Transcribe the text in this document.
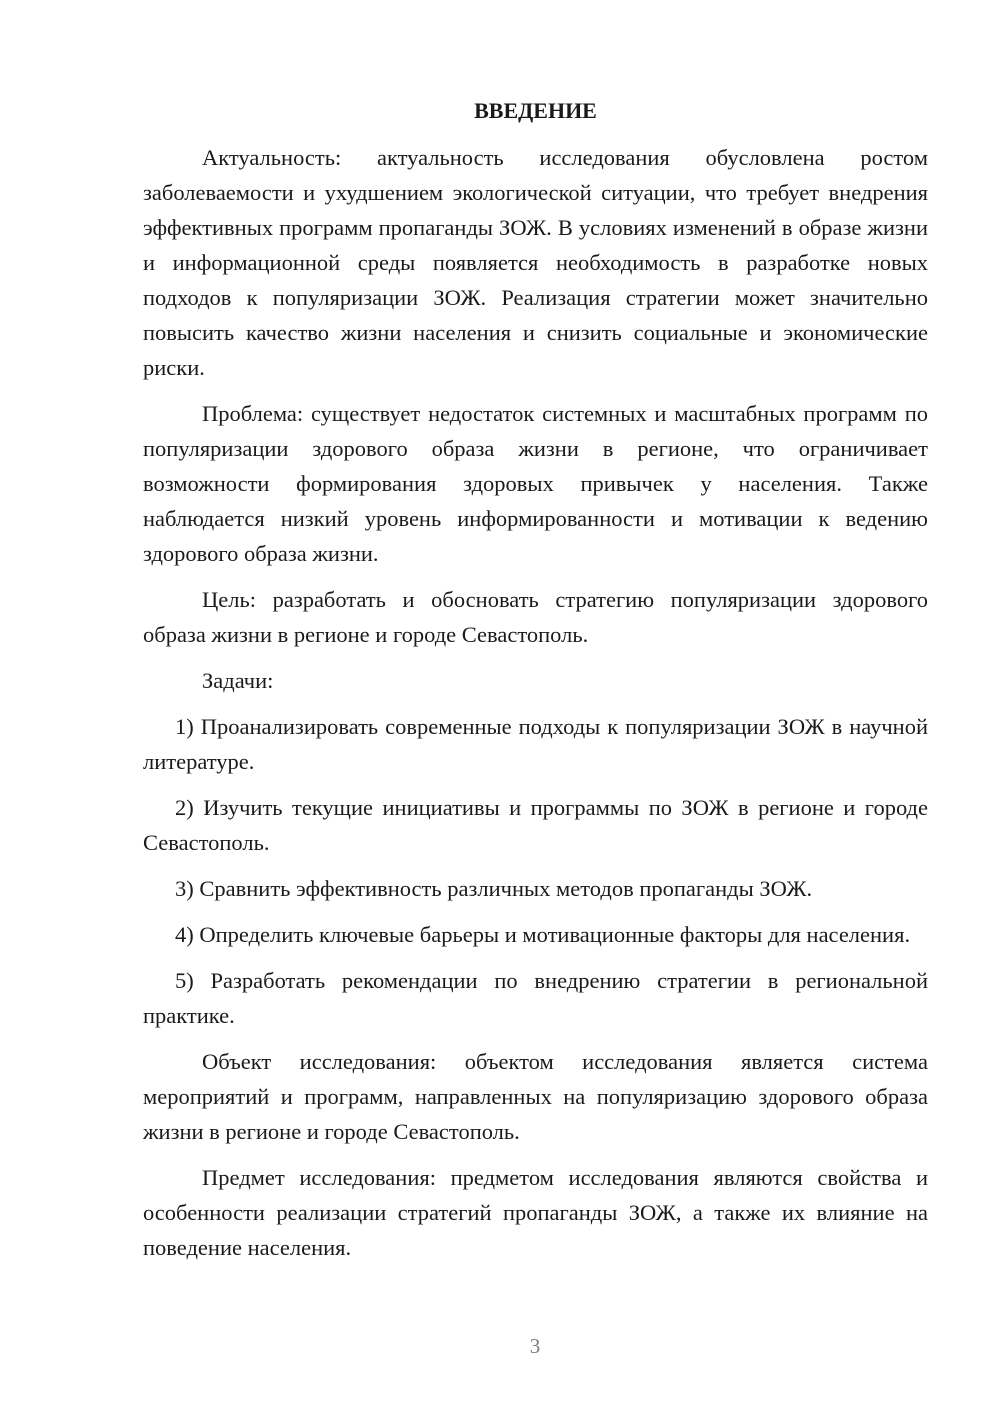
ВВЕДЕНИЕ

Актуальность: актуальность исследования обусловлена ростом заболеваемости и ухудшением экологической ситуации, что требует внедрения эффективных программ пропаганды ЗОЖ. В условиях изменений в образе жизни и информационной среды появляется необходимость в разработке новых подходов к популяризации ЗОЖ. Реализация стратегии может значительно повысить качество жизни населения и снизить социальные и экономические риски.

Проблема: существует недостаток системных и масштабных программ по популяризации здорового образа жизни в регионе, что ограничивает возможности формирования здоровых привычек у населения. Также наблюдается низкий уровень информированности и мотивации к ведению здорового образа жизни.

Цель: разработать и обосновать стратегию популяризации здорового образа жизни в регионе и городе Севастополь.

Задачи:

1) Проанализировать современные подходы к популяризации ЗОЖ в научной литературе.

2) Изучить текущие инициативы и программы по ЗОЖ в регионе и городе Севастополь.

3) Сравнить эффективность различных методов пропаганды ЗОЖ.

4) Определить ключевые барьеры и мотивационные факторы для населения.

5) Разработать рекомендации по внедрению стратегии в региональной практике.

Объект исследования: объектом исследования является система мероприятий и программ, направленных на популяризацию здорового образа жизни в регионе и городе Севастополь.

Предмет исследования: предметом исследования являются свойства и особенности реализации стратегий пропаганды ЗОЖ, а также их влияние на поведение населения.

3
